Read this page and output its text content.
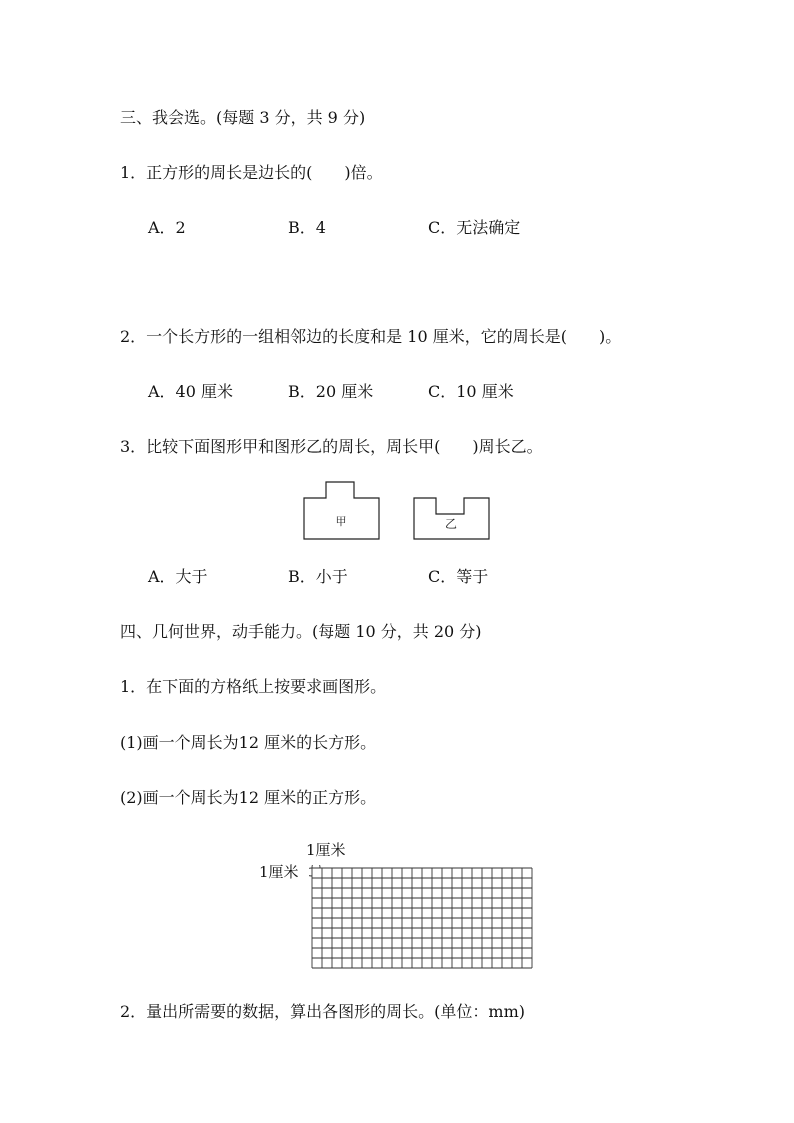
三、我会选。(每题 3 分，共 9 分)
1．正方形的周长是边长的(　　)倍。
A．2	B．4	C．无法确定
2．一个长方形的一组相邻边的长度和是 10 厘米，它的周长是(　　)。
A．40 厘米	B．20 厘米	C．10 厘米
3．比较下面图形甲和图形乙的周长，周长甲(　　)周长乙。
甲	乙
A．大于	B．小于	C．等于
四、几何世界，动手能力。(每题 10 分，共 20 分)
1．在下面的方格纸上按要求画图形。
(1)画一个周长为12 厘米的长方形。
(2)画一个周长为12 厘米的正方形。
1厘米
1厘米
2．量出所需要的数据，算出各图形的周长。(单位：mm)
